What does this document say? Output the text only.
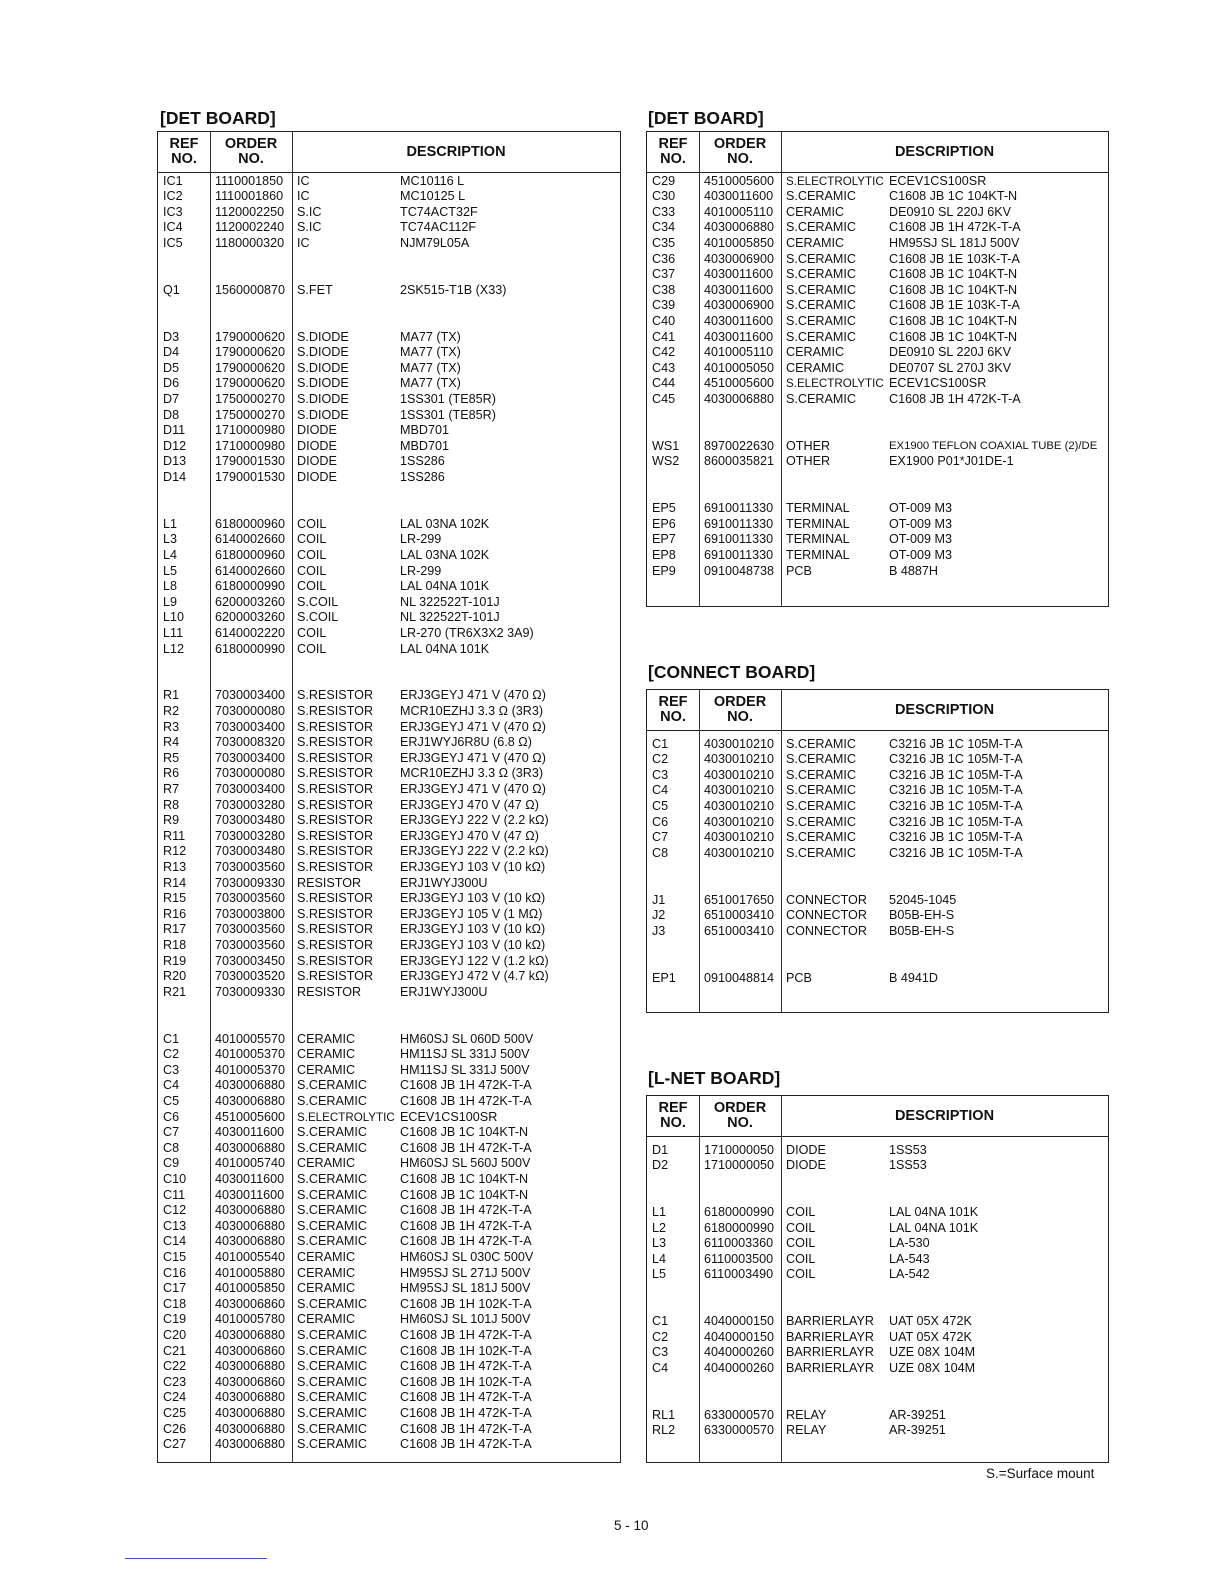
[DET BOARD]
REF
NO.
ORDER
NO.	DESCRIPTION
IC1	1110001850 IC	MC10116 L
IC2	1110001860 IC	MC10125 L
IC3	1120002250 S.IC	TC74ACT32F
IC4	1120002240 S.IC	TC74AC112F
IC5	1180000320 IC	NJM79L05A
Q1	1560000870 S.FET	2SK515-T1B (X33)
D3	1790000620 S.DIODE	MA77 (TX)
D4	1790000620 S.DIODE	MA77 (TX)
D5	1790000620 S.DIODE	MA77 (TX)
D6	1790000620 S.DIODE	MA77 (TX)
D7	1750000270 S.DIODE	1SS301 (TE85R)
D8	1750000270 S.DIODE	1SS301 (TE85R)
D11 1710000980 DIODE	MBD701
D12 1710000980 DIODE	MBD701
D13 1790001530 DIODE	1SS286
D14 1790001530 DIODE	1SS286
L1	6180000960 COIL	LAL 03NA 102K
L3	6140002660 COIL	LR-299
L4	6180000960 COIL	LAL 03NA 102K
L5	6140002660 COIL	LR-299
L8	6180000990 COIL	LAL 04NA 101K
L9	6200003260 S.COIL	NL 322522T-101J
L10 6200003260 S.COIL	NL 322522T-101J
L11	6140002220 COIL	LR-270 (TR6X3X2 3A9)
L12 6180000990 COIL	LAL 04NA 101K
R1	7030003400 S.RESISTOR ERJ3GEYJ 471 V (470 Ω)
R2	7030000080 S.RESISTOR MCR10EZHJ 3.3 Ω (3R3)
R3	7030003400 S.RESISTOR ERJ3GEYJ 471 V (470 Ω)
R4	7030008320 S.RESISTOR ERJ1WYJ6R8U (6.8 Ω)
R5	7030003400 S.RESISTOR ERJ3GEYJ 471 V (470 Ω)
R6	7030000080 S.RESISTOR MCR10EZHJ 3.3 Ω (3R3)
R7	7030003400 S.RESISTOR ERJ3GEYJ 471 V (470 Ω)
R8	7030003280 S.RESISTOR ERJ3GEYJ 470 V (47 Ω)
R9	7030003480 S.RESISTOR ERJ3GEYJ 222 V (2.2 kΩ)
R11 7030003280 S.RESISTOR ERJ3GEYJ 470 V (47 Ω)
R12 7030003480 S.RESISTOR ERJ3GEYJ 222 V (2.2 kΩ)
R13 7030003560 S.RESISTOR ERJ3GEYJ 103 V (10 kΩ)
R14 7030009330 RESISTOR	ERJ1WYJ300U
R15 7030003560 S.RESISTOR ERJ3GEYJ 103 V (10 kΩ)
R16 7030003800 S.RESISTOR ERJ3GEYJ 105 V (1 MΩ)
R17 7030003560 S.RESISTOR ERJ3GEYJ 103 V (10 kΩ)
R18 7030003560 S.RESISTOR ERJ3GEYJ 103 V (10 kΩ)
R19 7030003450 S.RESISTOR ERJ3GEYJ 122 V (1.2 kΩ)
R20 7030003520 S.RESISTOR ERJ3GEYJ 472 V (4.7 kΩ)
R21 7030009330 RESISTOR	ERJ1WYJ300U
C1	4010005570 CERAMIC	HM60SJ SL 060D 500V
C2	4010005370 CERAMIC	HM11SJ SL 331J 500V
C3	4010005370 CERAMIC	HM11SJ SL 331J 500V
C4	4030006880 S.CERAMIC	C1608 JB 1H 472K-T-A
C5	4030006880 S.CERAMIC	C1608 JB 1H 472K-T-A
C6	4510005600 S.ELECTROLYTIC ECEV1CS100SR
C7	4030011600 S.CERAMIC	C1608 JB 1C 104KT-N
C8	4030006880 S.CERAMIC	C1608 JB 1H 472K-T-A
C9	4010005740 CERAMIC	HM60SJ SL 560J 500V
C10 4030011600 S.CERAMIC	C1608 JB 1C 104KT-N
C11 4030011600 S.CERAMIC	C1608 JB 1C 104KT-N
C12 4030006880 S.CERAMIC	C1608 JB 1H 472K-T-A
C13 4030006880 S.CERAMIC	C1608 JB 1H 472K-T-A
C14 4030006880 S.CERAMIC	C1608 JB 1H 472K-T-A
C15 4010005540 CERAMIC	HM60SJ SL 030C 500V
C16 4010005880 CERAMIC	HM95SJ SL 271J 500V
C17 4010005850 CERAMIC	HM95SJ SL 181J 500V
C18 4030006860 S.CERAMIC	C1608 JB 1H 102K-T-A
C19 4010005780 CERAMIC	HM60SJ SL 101J 500V
C20 4030006880 S.CERAMIC	C1608 JB 1H 472K-T-A
C21 4030006860 S.CERAMIC	C1608 JB 1H 102K-T-A
C22 4030006880 S.CERAMIC	C1608 JB 1H 472K-T-A
C23 4030006860 S.CERAMIC	C1608 JB 1H 102K-T-A
C24 4030006880 S.CERAMIC	C1608 JB 1H 472K-T-A
C25 4030006880 S.CERAMIC	C1608 JB 1H 472K-T-A
C26 4030006880 S.CERAMIC	C1608 JB 1H 472K-T-A
C27 4030006880 S.CERAMIC	C1608 JB 1H 472K-T-A
[DET BOARD]
REF
NO.
ORDER
NO.	DESCRIPTION
C29 4510005600 S.ELECTROLYTIC ECEV1CS100SR
C30 4030011600 S.CERAMIC	C1608 JB 1C 104KT-N
C33 4010005110 CERAMIC	DE0910 SL 220J 6KV
C34 4030006880 S.CERAMIC	C1608 JB 1H 472K-T-A
C35 4010005850 CERAMIC	HM95SJ SL 181J 500V
C36 4030006900 S.CERAMIC	C1608 JB 1E 103K-T-A
C37 4030011600 S.CERAMIC	C1608 JB 1C 104KT-N
C38 4030011600 S.CERAMIC	C1608 JB 1C 104KT-N
C39 4030006900 S.CERAMIC	C1608 JB 1E 103K-T-A
C40 4030011600 S.CERAMIC	C1608 JB 1C 104KT-N
C41 4030011600 S.CERAMIC	C1608 JB 1C 104KT-N
C42 4010005110 CERAMIC	DE0910 SL 220J 6KV
C43 4010005050 CERAMIC	DE0707 SL 270J 3KV
C44 4510005600 S.ELECTROLYTIC ECEV1CS100SR
C45 4030006880 S.CERAMIC	C1608 JB 1H 472K-T-A
WS1 8970022630 OTHER	EX1900 TEFLON COAXIAL TUBE (2)/DE
WS2 8600035821 OTHER	EX1900 P01*J01DE-1
EP5 6910011330 TERMINAL	OT-009 M3
EP6 6910011330 TERMINAL	OT-009 M3
EP7 6910011330 TERMINAL	OT-009 M3
EP8 6910011330 TERMINAL	OT-009 M3
EP9 0910048738 PCB	B 4887H
[CONNECT BOARD]
REF
NO.
ORDER
NO.	DESCRIPTION
C1	4030010210 S.CERAMIC	C3216 JB 1C 105M-T-A
C2	4030010210 S.CERAMIC	C3216 JB 1C 105M-T-A
C3	4030010210 S.CERAMIC	C3216 JB 1C 105M-T-A
C4	4030010210 S.CERAMIC	C3216 JB 1C 105M-T-A
C5	4030010210 S.CERAMIC	C3216 JB 1C 105M-T-A
C6	4030010210 S.CERAMIC	C3216 JB 1C 105M-T-A
C7	4030010210 S.CERAMIC	C3216 JB 1C 105M-T-A
C8	4030010210 S.CERAMIC	C3216 JB 1C 105M-T-A
J1	6510017650 CONNECTOR 52045-1045
J2	6510003410 CONNECTOR B05B-EH-S
J3	6510003410 CONNECTOR B05B-EH-S
EP1 0910048814 PCB	B 4941D
[L-NET BOARD]
REF
NO.
ORDER
NO.	DESCRIPTION
D1	1710000050 DIODE	1SS53
D2	1710000050 DIODE	1SS53
L1	6180000990 COIL	LAL 04NA 101K
L2	6180000990 COIL	LAL 04NA 101K
L3	6110003360 COIL	LA-530
L4	6110003500 COIL	LA-543
L5	6110003490 COIL	LA-542
C1	4040000150 BARRIERLAYR UAT 05X 472K
C2	4040000150 BARRIERLAYR UAT 05X 472K
C3	4040000260 BARRIERLAYR UZE 08X 104M
C4	4040000260 BARRIERLAYR UZE 08X 104M
RL1 6330000570 RELAY	AR-39251
RL2 6330000570 RELAY	AR-39251
S.=Surface mount
5 - 10
